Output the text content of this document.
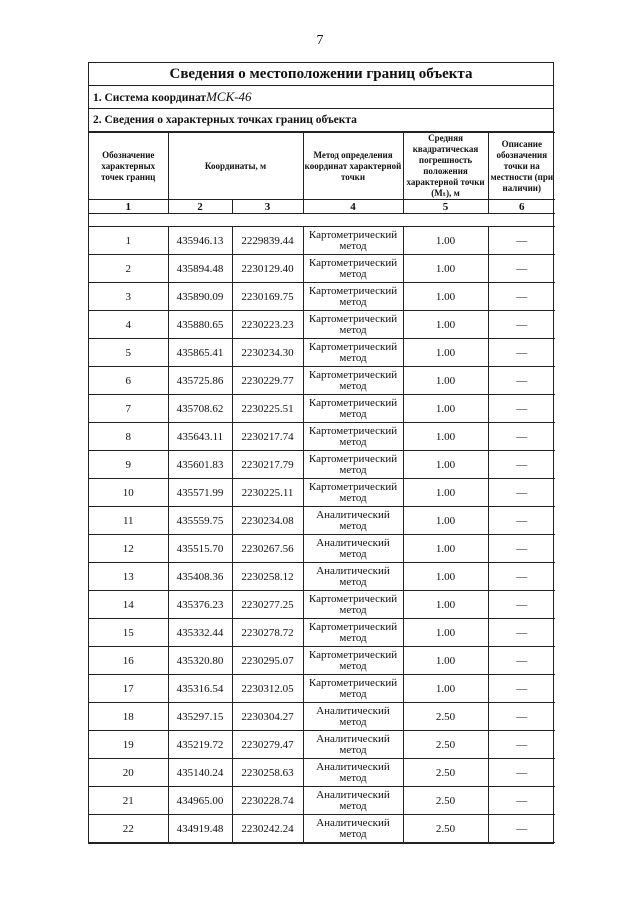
7
Сведения о местоположении границ объекта
1. Система координатМСК-46
2. Сведения о характерных точках границ объекта
Обозначение характерных точек границ	Координаты, м		Метод определения координат характерной точки	Средняя квадратическая погрешность положения характерной точки (Mₜ), м	Описание обозначения точки на местности (при наличии)
1	2	3	4	5	6

1	435946.13	2229839.44	Картометрический метод	1.00	—
2	435894.48	2230129.40	Картометрический метод	1.00	—
3	435890.09	2230169.75	Картометрический метод	1.00	—
4	435880.65	2230223.23	Картометрический метод	1.00	—
5	435865.41	2230234.30	Картометрический метод	1.00	—
6	435725.86	2230229.77	Картометрический метод	1.00	—
7	435708.62	2230225.51	Картометрический метод	1.00	—
8	435643.11	2230217.74	Картометрический метод	1.00	—
9	435601.83	2230217.79	Картометрический метод	1.00	—
10	435571.99	2230225.11	Картометрический метод	1.00	—
11	435559.75	2230234.08	Аналитический метод	1.00	—
12	435515.70	2230267.56	Аналитический метод	1.00	—
13	435408.36	2230258.12	Аналитический метод	1.00	—
14	435376.23	2230277.25	Картометрический метод	1.00	—
15	435332.44	2230278.72	Картометрический метод	1.00	—
16	435320.80	2230295.07	Картометрический метод	1.00	—
17	435316.54	2230312.05	Картометрический метод	1.00	—
18	435297.15	2230304.27	Аналитический метод	2.50	—
19	435219.72	2230279.47	Аналитический метод	2.50	—
20	435140.24	2230258.63	Аналитический метод	2.50	—
21	434965.00	2230228.74	Аналитический метод	2.50	—
22	434919.48	2230242.24	Аналитический метод	2.50	—
